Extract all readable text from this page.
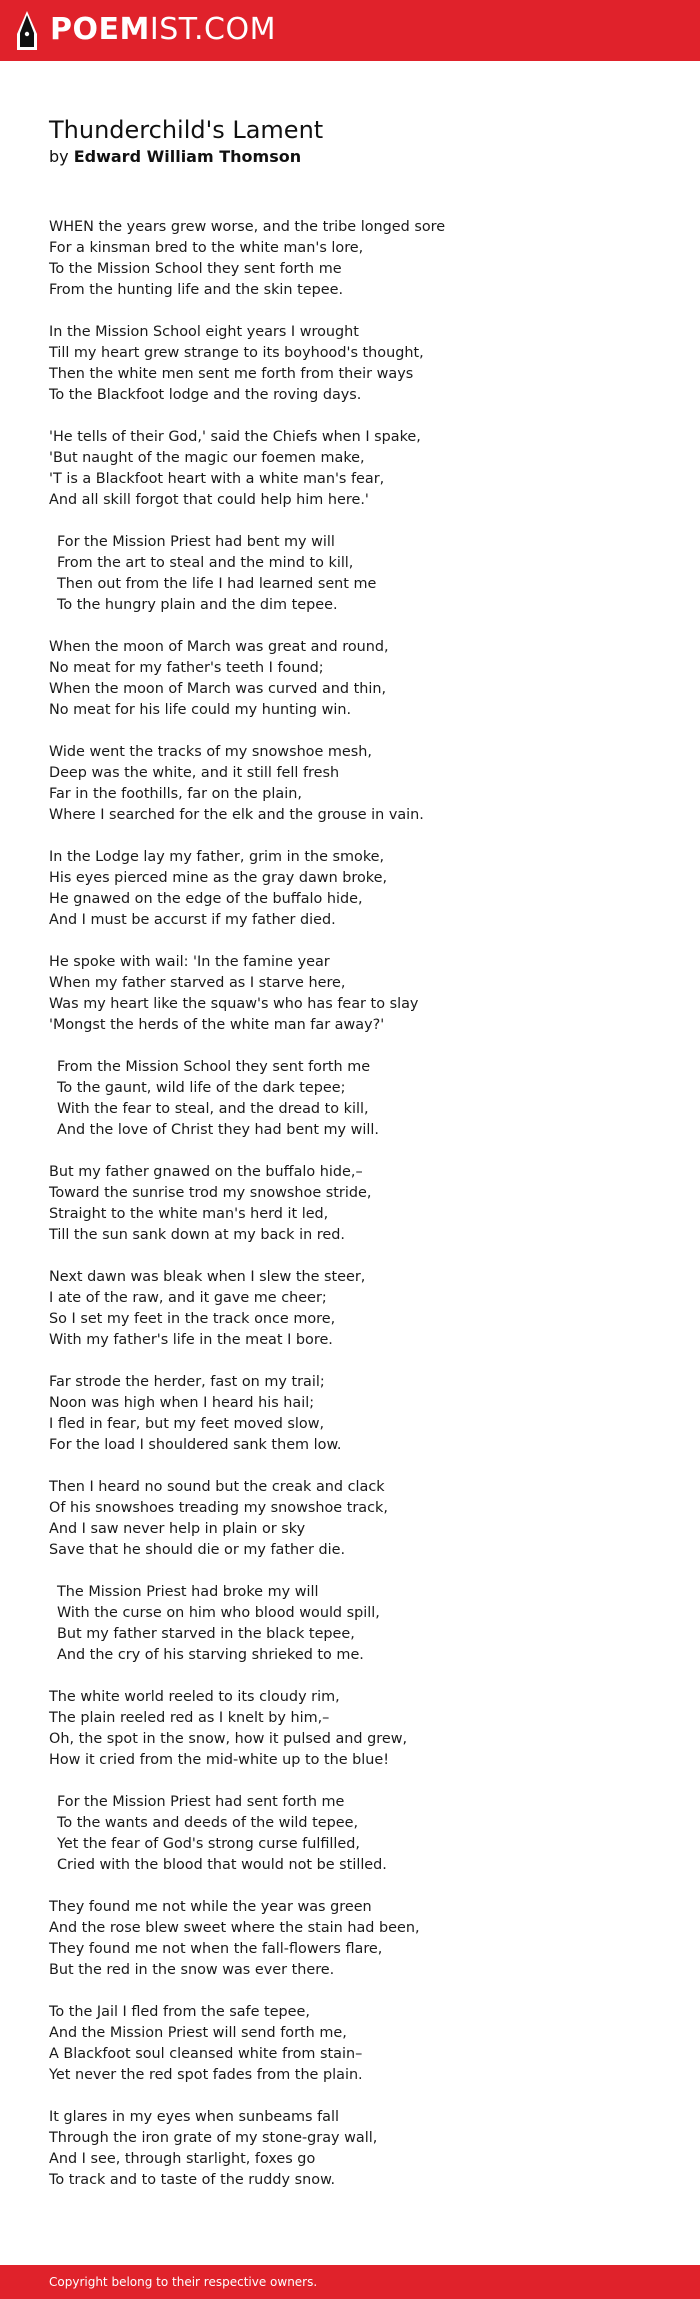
POEMIST.COM
Thunderchild's Lament
by Edward William Thomson
WHEN the years grew worse, and the tribe longed sore
For a kinsman bred to the white man's lore,
To the Mission School they sent forth me
From the hunting life and the skin tepee.
In the Mission School eight years I wrought
Till my heart grew strange to its boyhood's thought,
Then the white men sent me forth from their ways
To the Blackfoot lodge and the roving days.
'He tells of their God,' said the Chiefs when I spake,
'But naught of the magic our foemen make,
'T is a Blackfoot heart with a white man's fear,
And all skill forgot that could help him here.'
For the Mission Priest had bent my will
From the art to steal and the mind to kill,
Then out from the life I had learned sent me
To the hungry plain and the dim tepee.
When the moon of March was great and round,
No meat for my father's teeth I found;
When the moon of March was curved and thin,
No meat for his life could my hunting win.
Wide went the tracks of my snowshoe mesh,
Deep was the white, and it still fell fresh
Far in the foothills, far on the plain,
Where I searched for the elk and the grouse in vain.
In the Lodge lay my father, grim in the smoke,
His eyes pierced mine as the gray dawn broke,
He gnawed on the edge of the buffalo hide,
And I must be accurst if my father died.
He spoke with wail: 'In the famine year
When my father starved as I starve here,
Was my heart like the squaw's who has fear to slay
'Mongst the herds of the white man far away?'
From the Mission School they sent forth me
To the gaunt, wild life of the dark tepee;
With the fear to steal, and the dread to kill,
And the love of Christ they had bent my will.
But my father gnawed on the buffalo hide,–
Toward the sunrise trod my snowshoe stride,
Straight to the white man's herd it led,
Till the sun sank down at my back in red.
Next dawn was bleak when I slew the steer,
I ate of the raw, and it gave me cheer;
So I set my feet in the track once more,
With my father's life in the meat I bore.
Far strode the herder, fast on my trail;
Noon was high when I heard his hail;
I fled in fear, but my feet moved slow,
For the load I shouldered sank them low.
Then I heard no sound but the creak and clack
Of his snowshoes treading my snowshoe track,
And I saw never help in plain or sky
Save that he should die or my father die.
The Mission Priest had broke my will
With the curse on him who blood would spill,
But my father starved in the black tepee,
And the cry of his starving shrieked to me.
The white world reeled to its cloudy rim,
The plain reeled red as I knelt by him,–
Oh, the spot in the snow, how it pulsed and grew,
How it cried from the mid-white up to the blue!
For the Mission Priest had sent forth me
To the wants and deeds of the wild tepee,
Yet the fear of God's strong curse fulfilled,
Cried with the blood that would not be stilled.
They found me not while the year was green
And the rose blew sweet where the stain had been,
They found me not when the fall-flowers flare,
But the red in the snow was ever there.
To the Jail I fled from the safe tepee,
And the Mission Priest will send forth me,
A Blackfoot soul cleansed white from stain–
Yet never the red spot fades from the plain.
It glares in my eyes when sunbeams fall
Through the iron grate of my stone-gray wall,
And I see, through starlight, foxes go
To track and to taste of the ruddy snow.
Copyright belong to their respective owners.
